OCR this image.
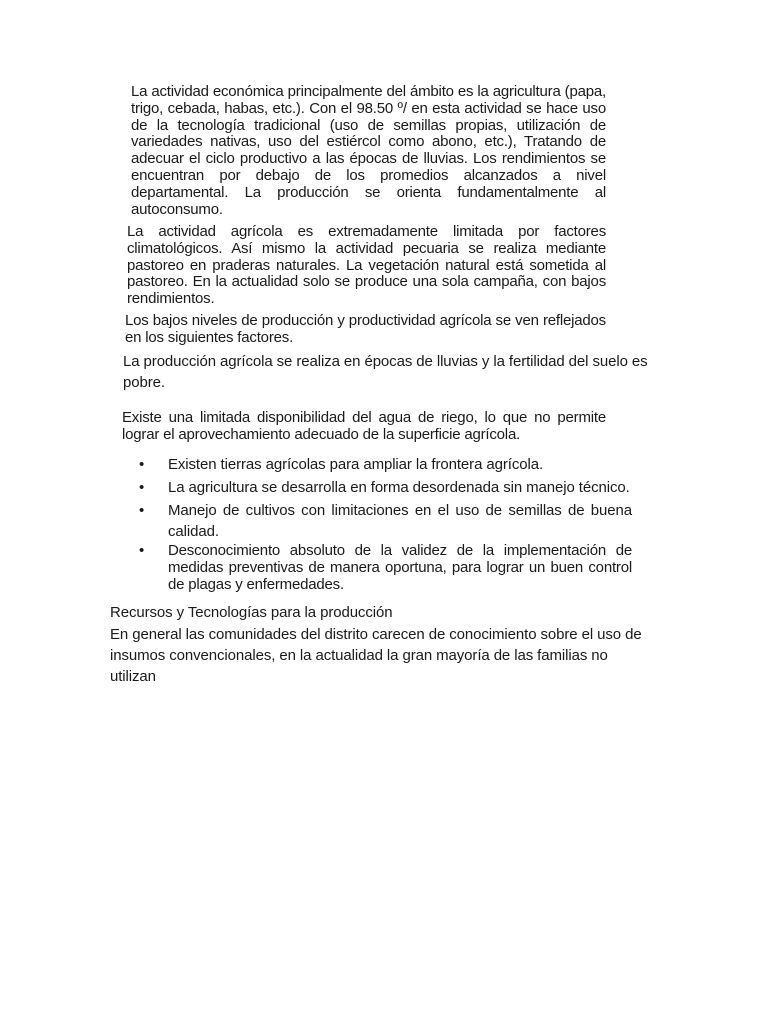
La actividad económica principalmente del ámbito es la agricultura (papa, trigo, cebada, habas, etc.). Con el 98.50 º/ en esta actividad se hace uso de la tecnología tradicional (uso de semillas propias, utilización de variedades nativas, uso del estiércol como abono, etc.), Tratando de adecuar el ciclo productivo a las épocas de lluvias. Los rendimientos se encuentran por debajo de los promedios alcanzados a nivel departamental. La producción se orienta fundamentalmente al autoconsumo.

La actividad agrícola es extremadamente limitada por factores climatológicos. Así mismo la actividad pecuaria se realiza mediante pastoreo en praderas naturales. La vegetación natural está sometida al pastoreo. En la actualidad solo se produce una sola campaña, con bajos rendimientos.

Los bajos niveles de producción y productividad agrícola se ven reflejados en los siguientes factores.

La producción agrícola se realiza en épocas de lluvias y la fertilidad del suelo es pobre.

Existe una limitada disponibilidad del agua de riego, lo que no permite lograr el aprovechamiento adecuado de la superficie agrícola.

• Existen tierras agrícolas para ampliar la frontera agrícola.
• La agricultura se desarrolla en forma desordenada sin manejo técnico.
• Manejo de cultivos con limitaciones en el uso de semillas de buena calidad.
• Desconocimiento absoluto de la validez de la implementación de medidas preventivas de manera oportuna, para lograr un buen control de plagas y enfermedades.

Recursos y Tecnologías para la producción

En general las comunidades del distrito carecen de conocimiento sobre el uso de insumos convencionales, en la actualidad la gran mayoría de las familias no utilizan
